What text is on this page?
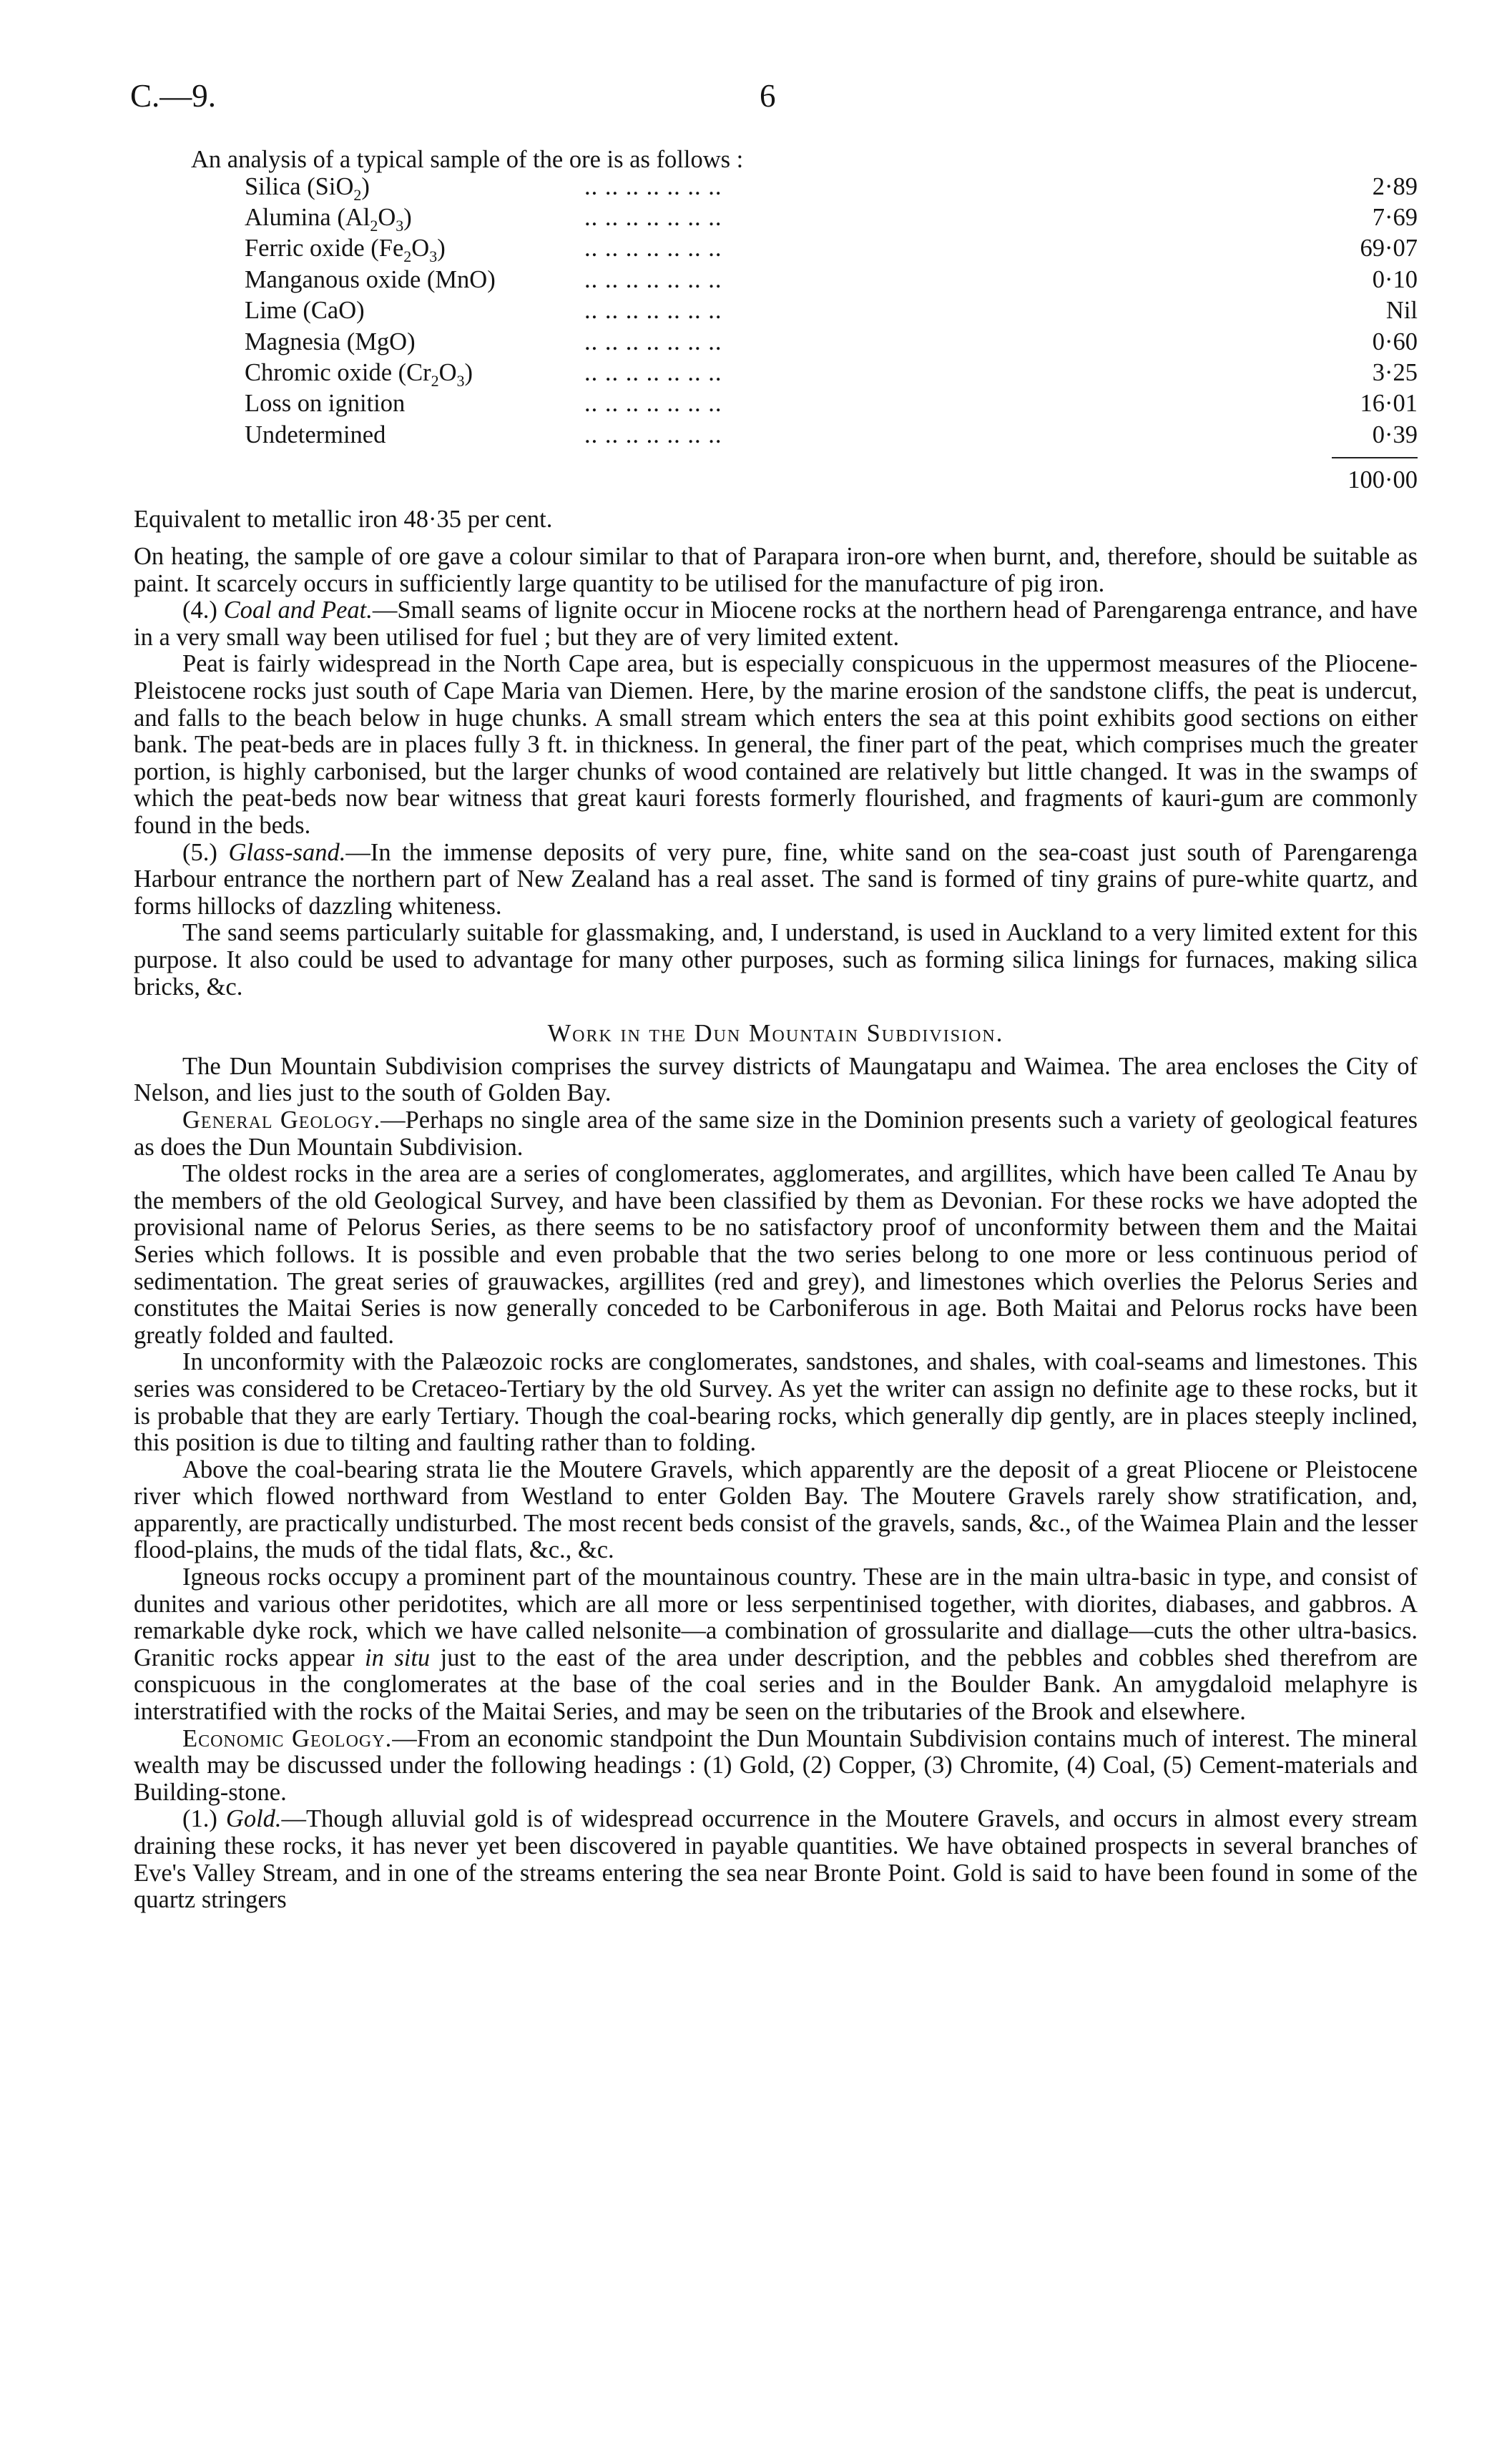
C.—9.	6

An analysis of a typical sample of the ore is as follows :

Silica (SiO$_2$)	.. .. .. .. .. .. ..	2·89
Alumina $(Al_2O_3)$	.. .. .. .. .. .. ..	7·69
Ferric oxide $(Fe_2O_3)$	.. .. .. .. .. .. ..	69·07
Manganous oxide (MnO)	.. .. .. .. .. .. ..	0·10
Lime (CaO)	.. .. .. .. .. .. ..	Nil
Magnesia (MgO)	.. .. .. .. .. .. ..	0·60
Chromic oxide $(Cr_2O_3)$	.. .. .. .. .. .. ..	3·25
Loss on ignition	.. .. .. .. .. .. ..	16·01
Undetermined	.. .. .. .. .. .. ..	0·39
100·00

Equivalent to metallic iron 48·35 per cent.

On heating, the sample of ore gave a colour similar to that of Parapara iron-ore when burnt, and, therefore, should be suitable as paint. It scarcely occurs in sufficiently large quantity to be utilised for the manufacture of pig iron.

(4.) Coal and Peat.—Small seams of lignite occur in Miocene rocks at the northern head of Parengarenga entrance, and have in a very small way been utilised for fuel ; but they are of very limited extent.

Peat is fairly widespread in the North Cape area, but is especially conspicuous in the uppermost measures of the Pliocene-Pleistocene rocks just south of Cape Maria van Diemen. Here, by the marine erosion of the sandstone cliffs, the peat is undercut, and falls to the beach below in huge chunks. A small stream which enters the sea at this point exhibits good sections on either bank. The peat-beds are in places fully 3 ft. in thickness. In general, the finer part of the peat, which comprises much the greater portion, is highly carbonised, but the larger chunks of wood contained are relatively but little changed. It was in the swamps of which the peat-beds now bear witness that great kauri forests formerly flourished, and fragments of kauri-gum are commonly found in the beds.

(5.) Glass-sand.—In the immense deposits of very pure, fine, white sand on the sea-coast just south of Parengarenga Harbour entrance the northern part of New Zealand has a real asset. The sand is formed of tiny grains of pure-white quartz, and forms hillocks of dazzling whiteness.

The sand seems particularly suitable for glassmaking, and, I understand, is used in Auckland to a very limited extent for this purpose. It also could be used to advantage for many other purposes, such as forming silica linings for furnaces, making silica bricks, &c.

Work in the Dun Mountain Subdivision.

The Dun Mountain Subdivision comprises the survey districts of Maungatapu and Waimea. The area encloses the City of Nelson, and lies just to the south of Golden Bay.

General Geology.—Perhaps no single area of the same size in the Dominion presents such a variety of geological features as does the Dun Mountain Subdivision.

The oldest rocks in the area are a series of conglomerates, agglomerates, and argillites, which have been called Te Anau by the members of the old Geological Survey, and have been classified by them as Devonian. For these rocks we have adopted the provisional name of Pelorus Series, as there seems to be no satisfactory proof of unconformity between them and the Maitai Series which follows. It is possible and even probable that the two series belong to one more or less continuous period of sedimentation. The great series of grauwackes, argillites (red and grey), and limestones which overlies the Pelorus Series and constitutes the Maitai Series is now generally conceded to be Carboniferous in age. Both Maitai and Pelorus rocks have been greatly folded and faulted.

In unconformity with the Palæozoic rocks are conglomerates, sandstones, and shales, with coal-seams and limestones. This series was considered to be Cretaceo-Tertiary by the old Survey. As yet the writer can assign no definite age to these rocks, but it is probable that they are early Tertiary. Though the coal-bearing rocks, which generally dip gently, are in places steeply inclined, this position is due to tilting and faulting rather than to folding.

Above the coal-bearing strata lie the Moutere Gravels, which apparently are the deposit of a great Pliocene or Pleistocene river which flowed northward from Westland to enter Golden Bay. The Moutere Gravels rarely show stratification, and, apparently, are practically undisturbed. The most recent beds consist of the gravels, sands, &c., of the Waimea Plain and the lesser flood-plains, the muds of the tidal flats, &c., &c.

Igneous rocks occupy a prominent part of the mountainous country. These are in the main ultra-basic in type, and consist of dunites and various other peridotites, which are all more or less serpentinised together, with diorites, diabases, and gabbros. A remarkable dyke rock, which we have called nelsonite—a combination of grossularite and diallage—cuts the other ultra-basics. Granitic rocks appear in situ just to the east of the area under description, and the pebbles and cobbles shed therefrom are conspicuous in the conglomerates at the base of the coal series and in the Boulder Bank. An amygdaloid melaphyre is interstratified with the rocks of the Maitai Series, and may be seen on the tributaries of the Brook and elsewhere.

Economic Geology.—From an economic standpoint the Dun Mountain Subdivision contains much of interest. The mineral wealth may be discussed under the following headings : (1) Gold, (2) Copper, (3) Chromite, (4) Coal, (5) Cement-materials and Building-stone.

(1.) Gold.—Though alluvial gold is of widespread occurrence in the Moutere Gravels, and occurs in almost every stream draining these rocks, it has never yet been discovered in payable quantities. We have obtained prospects in several branches of Eve's Valley Stream, and in one of the streams entering the sea near Bronte Point. Gold is said to have been found in some of the quartz stringers
